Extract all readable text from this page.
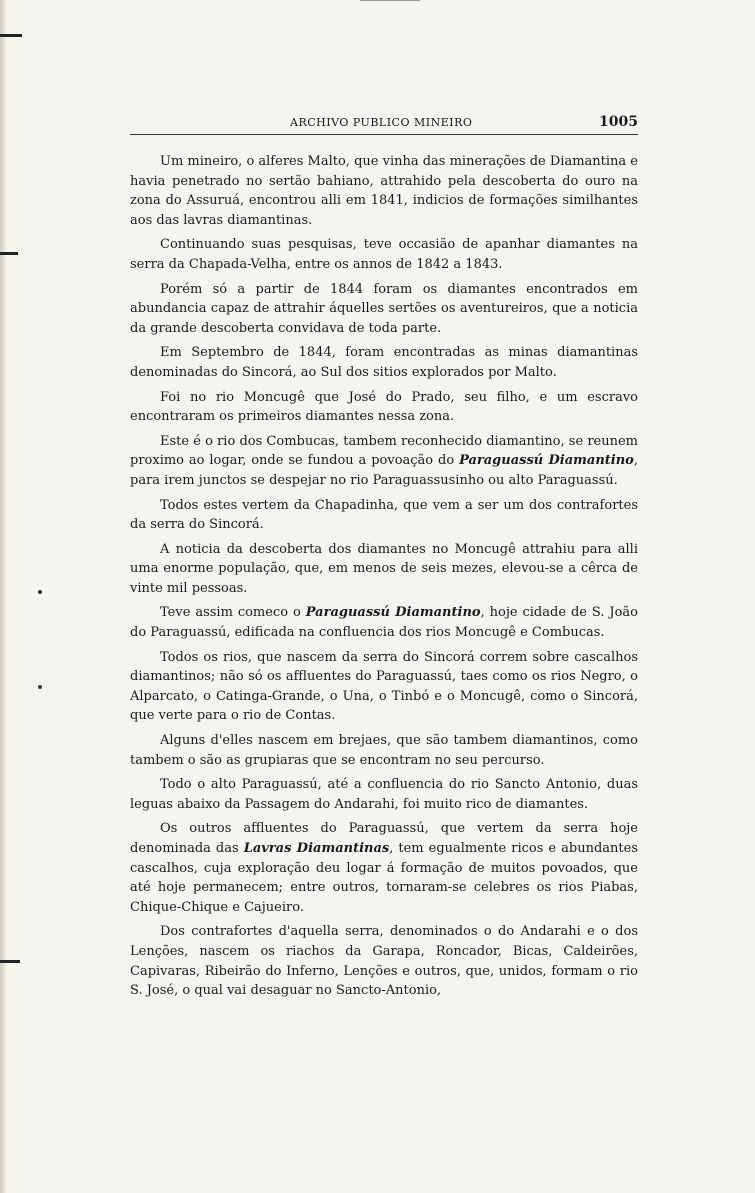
ARCHIVO PUBLICO MINEIRO	1005

Um mineiro, o alferes Malto, que vinha das minerações de Diamantina e havia penetrado no sertão bahiano, attrahido pela descoberta do ouro na zona do Assuruá, encontrou alli em 1841, indicios de formações similhantes aos das lavras diamantinas.

Continuando suas pesquisas, teve occasião de apanhar diamantes na serra da Chapada-Velha, entre os annos de 1842 a 1843.

Porém só a partir de 1844 foram os diamantes encontrados em abundancia capaz de attrahir áquelles sertões os aventureiros, que a noticia da grande descoberta convidava de toda parte.

Em Septembro de 1844, foram encontradas as minas diamantinas denominadas do Sincorá, ao Sul dos sitios explorados por Malto.

Foi no rio Moncugê que José do Prado, seu filho, e um escravo encontraram os primeiros diamantes nessa zona.

Este é o rio dos Combucas, tambem reconhecido diamantino, se reunem proximo ao logar, onde se fundou a povoação do Paraguassú Diamantino, para irem junctos se despejar no rio Paraguassusinho ou alto Paraguassú.

Todos estes vertem da Chapadinha, que vem a ser um dos contrafortes da serra do Sincorá.

A noticia da descoberta dos diamantes no Moncugê attrahiu para alli uma enorme população, que, em menos de seis mezes, elevou-se a cêrca de vinte mil pessoas.

Teve assim comeco o Paraguassú Diamantino, hoje cidade de S. João do Paraguassú, edificada na confluencia dos rios Moncugê e Combucas.

Todos os rios, que nascem da serra do Sincorá correm sobre cascalhos diamantinos; não só os affluentes do Paraguassú, taes como os rios Negro, o Alparcato, o Catinga-Grande, o Una, o Tinbó e o Moncugê, como o Sincorá, que verte para o rio de Contas.

Alguns d'elles nascem em brejaes, que são tambem diamantinos, como tambem o são as grupiaras que se encontram no seu percurso.

Todo o alto Paraguassú, até a confluencia do rio Sancto Antonio, duas leguas abaixo da Passagem do Andarahi, foi muito rico de diamantes.

Os outros affluentes do Paraguassú, que vertem da serra hoje denominada das Lavras Diamantinas, tem egualmente ricos e abundantes cascalhos, cuja exploração deu logar á formação de muitos povoados, que até hoje permanecem; entre outros, tornaram-se celebres os rios Piabas, Chique-Chique e Cajueiro.

Dos contrafortes d'aquella serra, denominados o do Andarahi e o dos Lenções, nascem os riachos da Garapa, Roncador, Bicas, Caldeirões, Capivaras, Ribeirão do Inferno, Lenções e outros, que, unidos, formam o rio S. José, o qual vai desaguar no Sancto-Antonio,
